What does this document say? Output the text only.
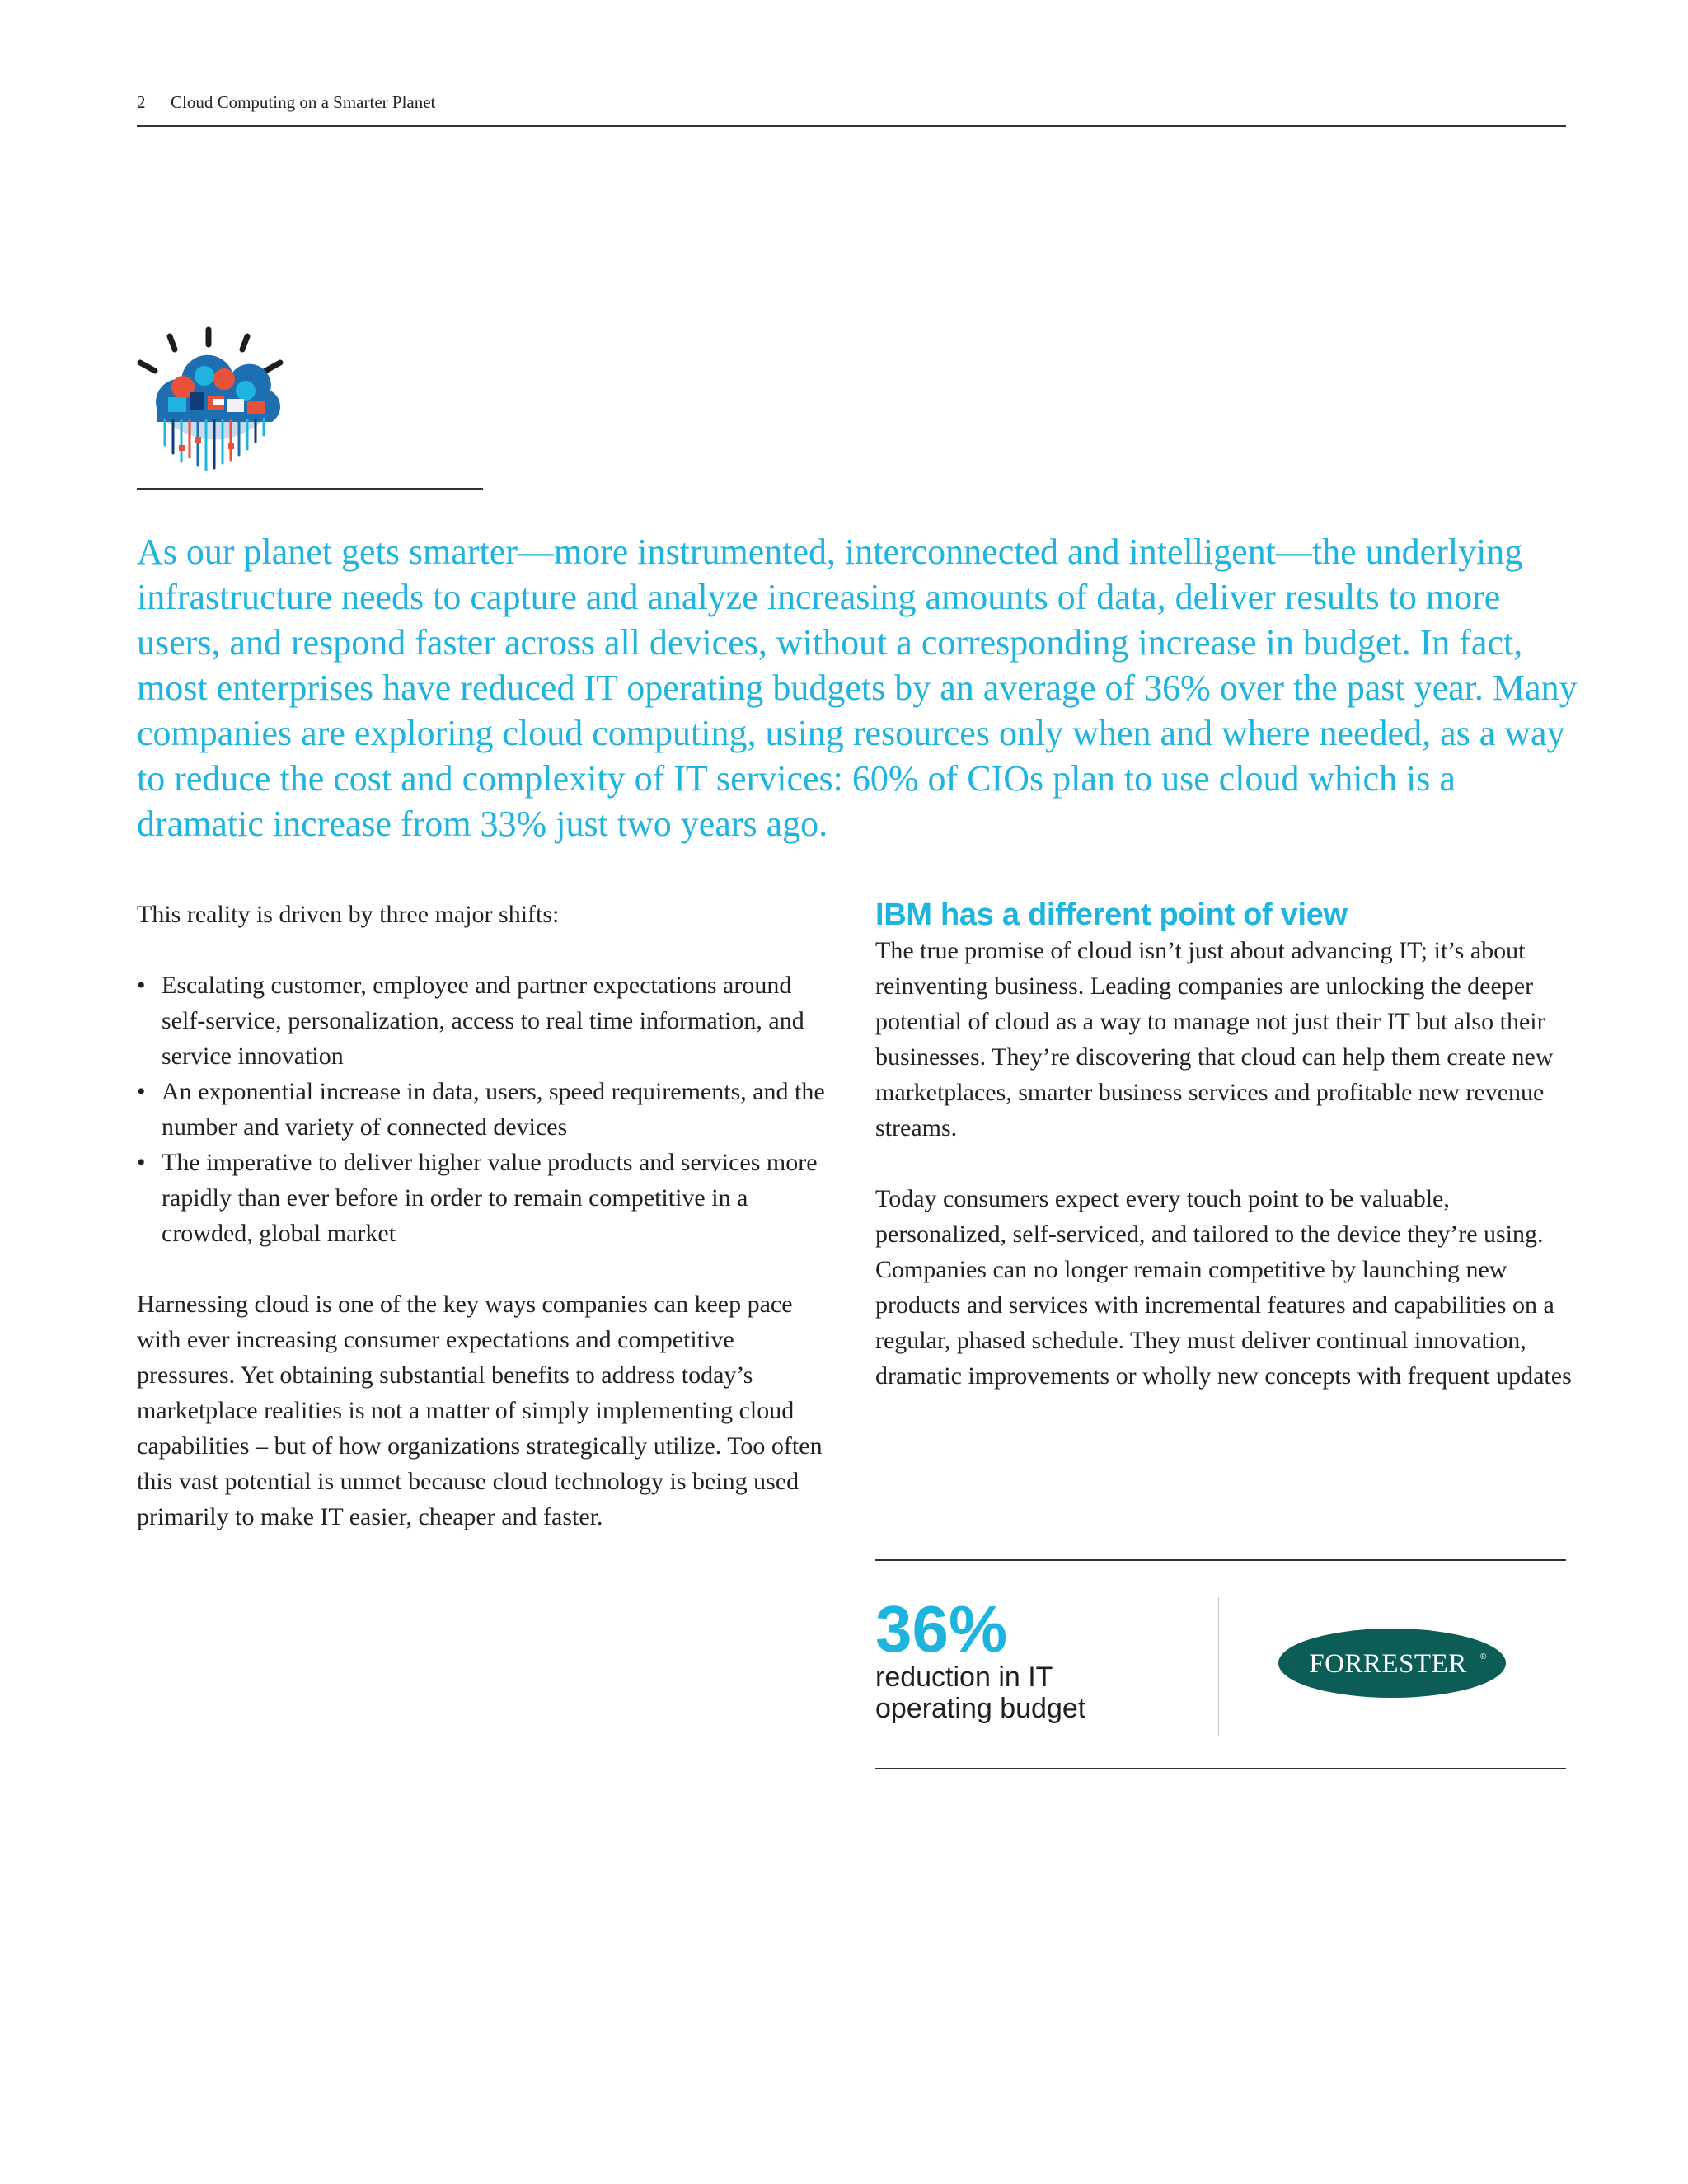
2 Cloud Computing on a Smarter Planet
As our planet gets smarter—more instrumented, interconnected and intelligent—the underlying infrastructure needs to capture and analyze increasing amounts of data, deliver results to more users, and respond faster across all devices, without a corresponding increase in budget. In fact, most enterprises have reduced IT operating budgets by an average of 36% over the past year. Many companies are exploring cloud computing, using resources only when and where needed, as a way to reduce the cost and complexity of IT services: 60% of CIOs plan to use cloud which is a dramatic increase from 33% just two years ago.

This reality is driven by three major shifts:

• Escalating customer, employee and partner expectations around self-service, personalization, access to real time information, and service innovation
• An exponential increase in data, users, speed requirements, and the number and variety of connected devices
• The imperative to deliver higher value products and services more rapidly than ever before in order to remain competitive in a crowded, global market

Harnessing cloud is one of the key ways companies can keep pace with ever increasing consumer expectations and competitive pressures. Yet obtaining substantial benefits to address today’s marketplace realities is not a matter of simply implementing cloud capabilities – but of how organizations strategically utilize. Too often this vast potential is unmet because cloud technology is being used primarily to make IT easier, cheaper and faster.

IBM has a different point of view

The true promise of cloud isn’t just about advancing IT; it’s about reinventing business. Leading companies are unlocking the deeper potential of cloud as a way to manage not just their IT but also their businesses. They’re discovering that cloud can help them create new marketplaces, smarter business services and profitable new revenue streams.

Today consumers expect every touch point to be valuable, personalized, self-serviced, and tailored to the device they’re using. Companies can no longer remain competitive by launching new products and services with incremental features and capabilities on a regular, phased schedule. They must deliver continual innovation, dramatic improvements or wholly new concepts with frequent updates

36%
reduction in IT
operating budget
FORRESTER ®
